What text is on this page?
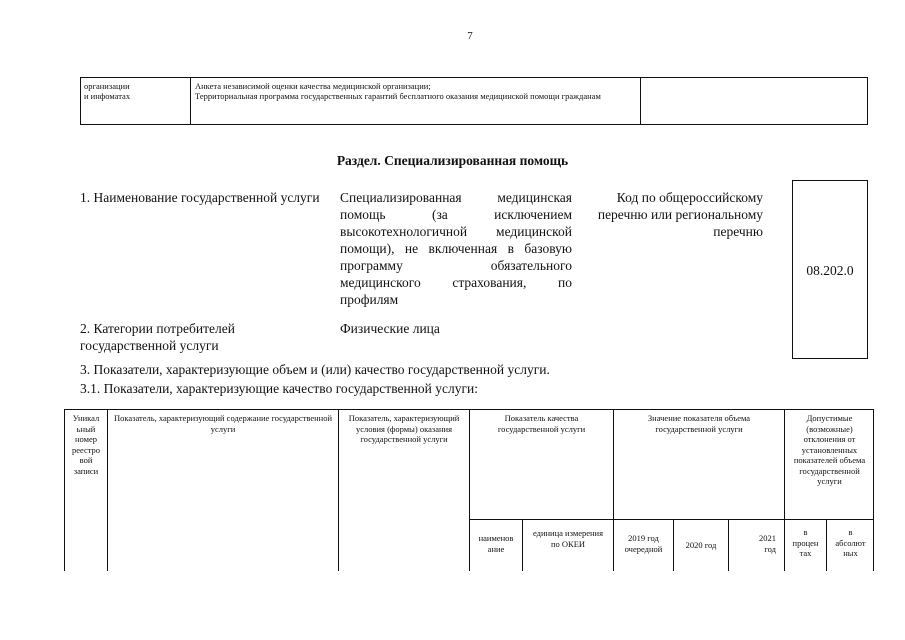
7
организации
и инфоматах
Анкета независимой оценки качества медицинской организации;
Территориальная программа государственных гарантий бесплатного оказания медицинской помощи гражданам
Раздел. Специализированная помощь
1. Наименование государственной услуги Специализированная медицинская
помощь (за исключением
высокотехнологичной медицинской
помощи), не включенная в базовую
программу обязательного
медицинского страхования, по
профилям
Код по общероссийскому перечню или региональному перечню
08.202.0
2. Категории потребителей государственной услуги
Физические лица
3. Показатели, характеризующие объем и (или) качество государственной услуги.
3.1. Показатели, характеризующие качество государственной услуги:
Уникал
ьный
номер
реестро
вой
записи
Показатель, характеризующий содержание государственной услуги
Показатель, характеризующий условия (формы) оказания государственной услуги
Показатель качества государственной услуги
Значение показателя объема государственной услуги
Допустимые (возможные) отклонения от установленных показателей объема государственной услуги
наименов
ание
единица измерения по ОКЕИ
2019 год очередной	2020 год
2021
год
в
процен
тах
в
абсолют
ных
